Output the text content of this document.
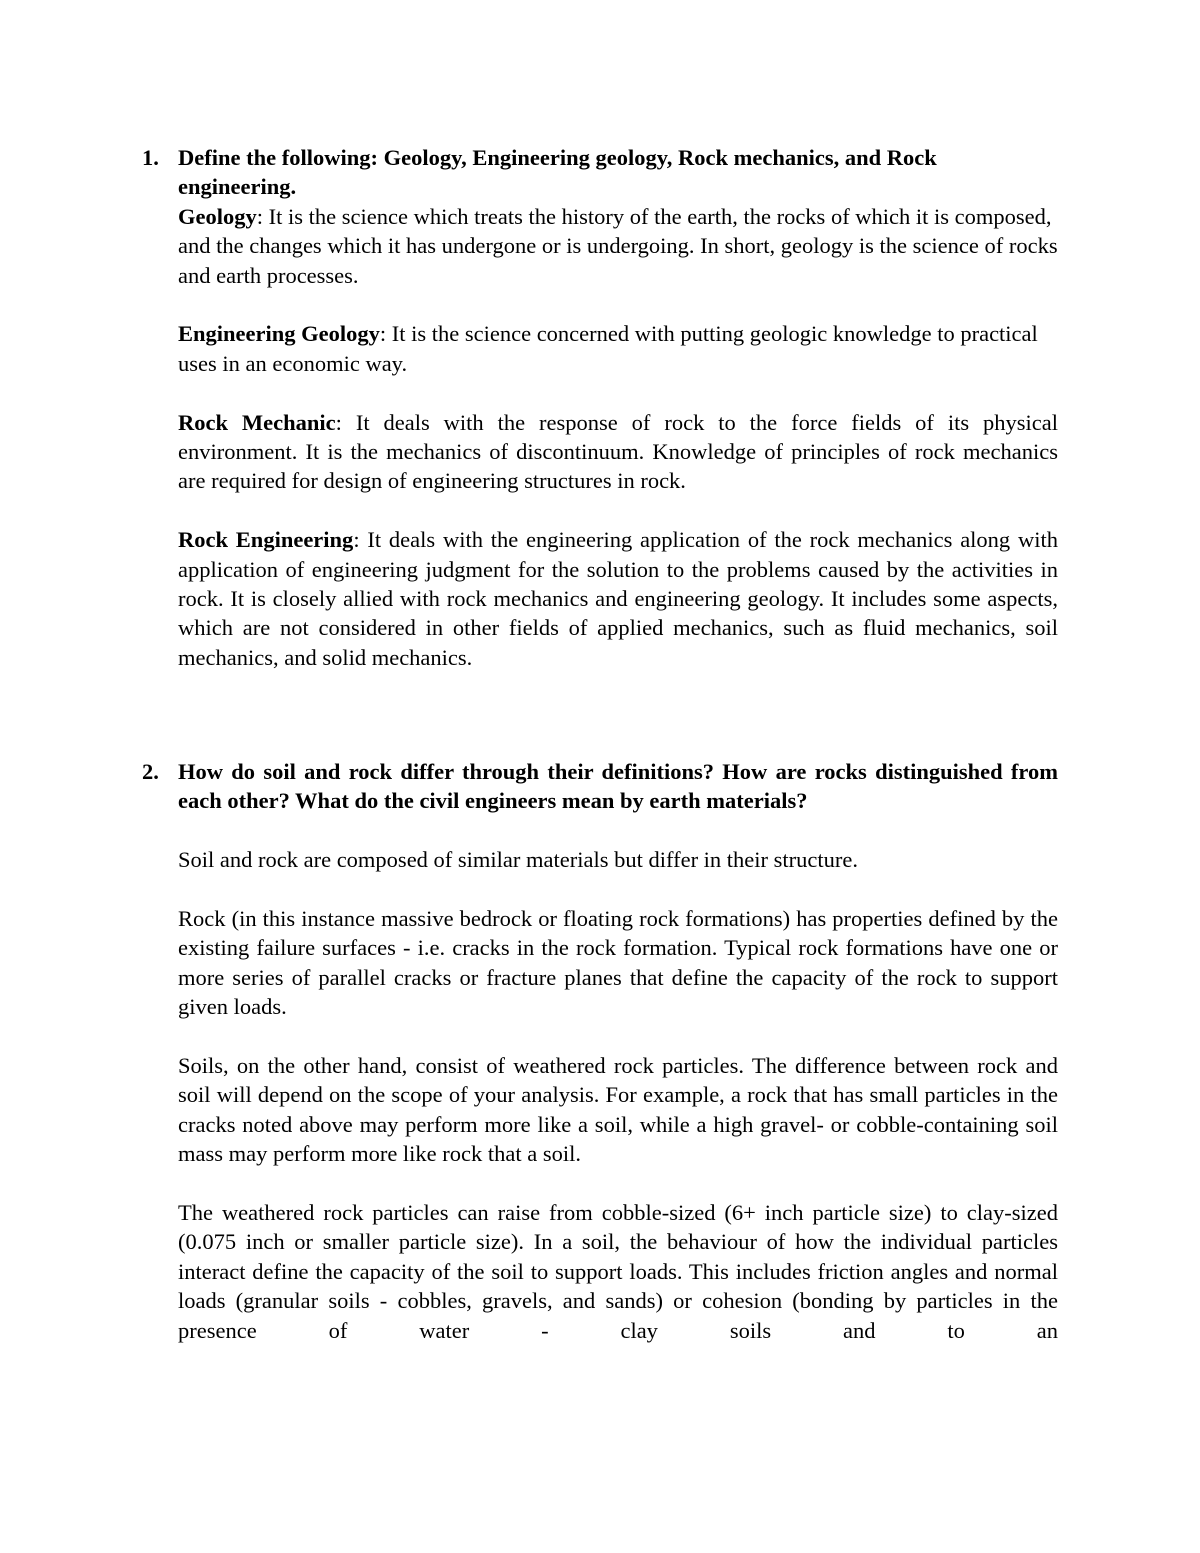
1. Define the following: Geology, Engineering geology, Rock mechanics, and Rock engineering.

Geology: It is the science which treats the history of the earth, the rocks of which it is composed, and the changes which it has undergone or is undergoing. In short, geology is the science of rocks and earth processes.

Engineering Geology: It is the science concerned with putting geologic knowledge to practical uses in an economic way.

Rock Mechanic: It deals with the response of rock to the force fields of its physical environment. It is the mechanics of discontinuum. Knowledge of principles of rock mechanics are required for design of engineering structures in rock.

Rock Engineering: It deals with the engineering application of the rock mechanics along with application of engineering judgment for the solution to the problems caused by the activities in rock. It is closely allied with rock mechanics and engineering geology. It includes some aspects, which are not considered in other fields of applied mechanics, such as fluid mechanics, soil mechanics, and solid mechanics.

2. How do soil and rock differ through their definitions? How are rocks distinguished from each other? What do the civil engineers mean by earth materials?

Soil and rock are composed of similar materials but differ in their structure.

Rock (in this instance massive bedrock or floating rock formations) has properties defined by the existing failure surfaces - i.e. cracks in the rock formation. Typical rock formations have one or more series of parallel cracks or fracture planes that define the capacity of the rock to support given loads.

Soils, on the other hand, consist of weathered rock particles. The difference between rock and soil will depend on the scope of your analysis. For example, a rock that has small particles in the cracks noted above may perform more like a soil, while a high gravel- or cobble-containing soil mass may perform more like rock that a soil.

The weathered rock particles can raise from cobble-sized (6+ inch particle size) to clay-sized (0.075 inch or smaller particle size). In a soil, the behaviour of how the individual particles interact define the capacity of the soil to support loads. This includes friction angles and normal loads (granular soils - cobbles, gravels, and sands) or cohesion (bonding by particles in the presence of water - clay soils and to an
